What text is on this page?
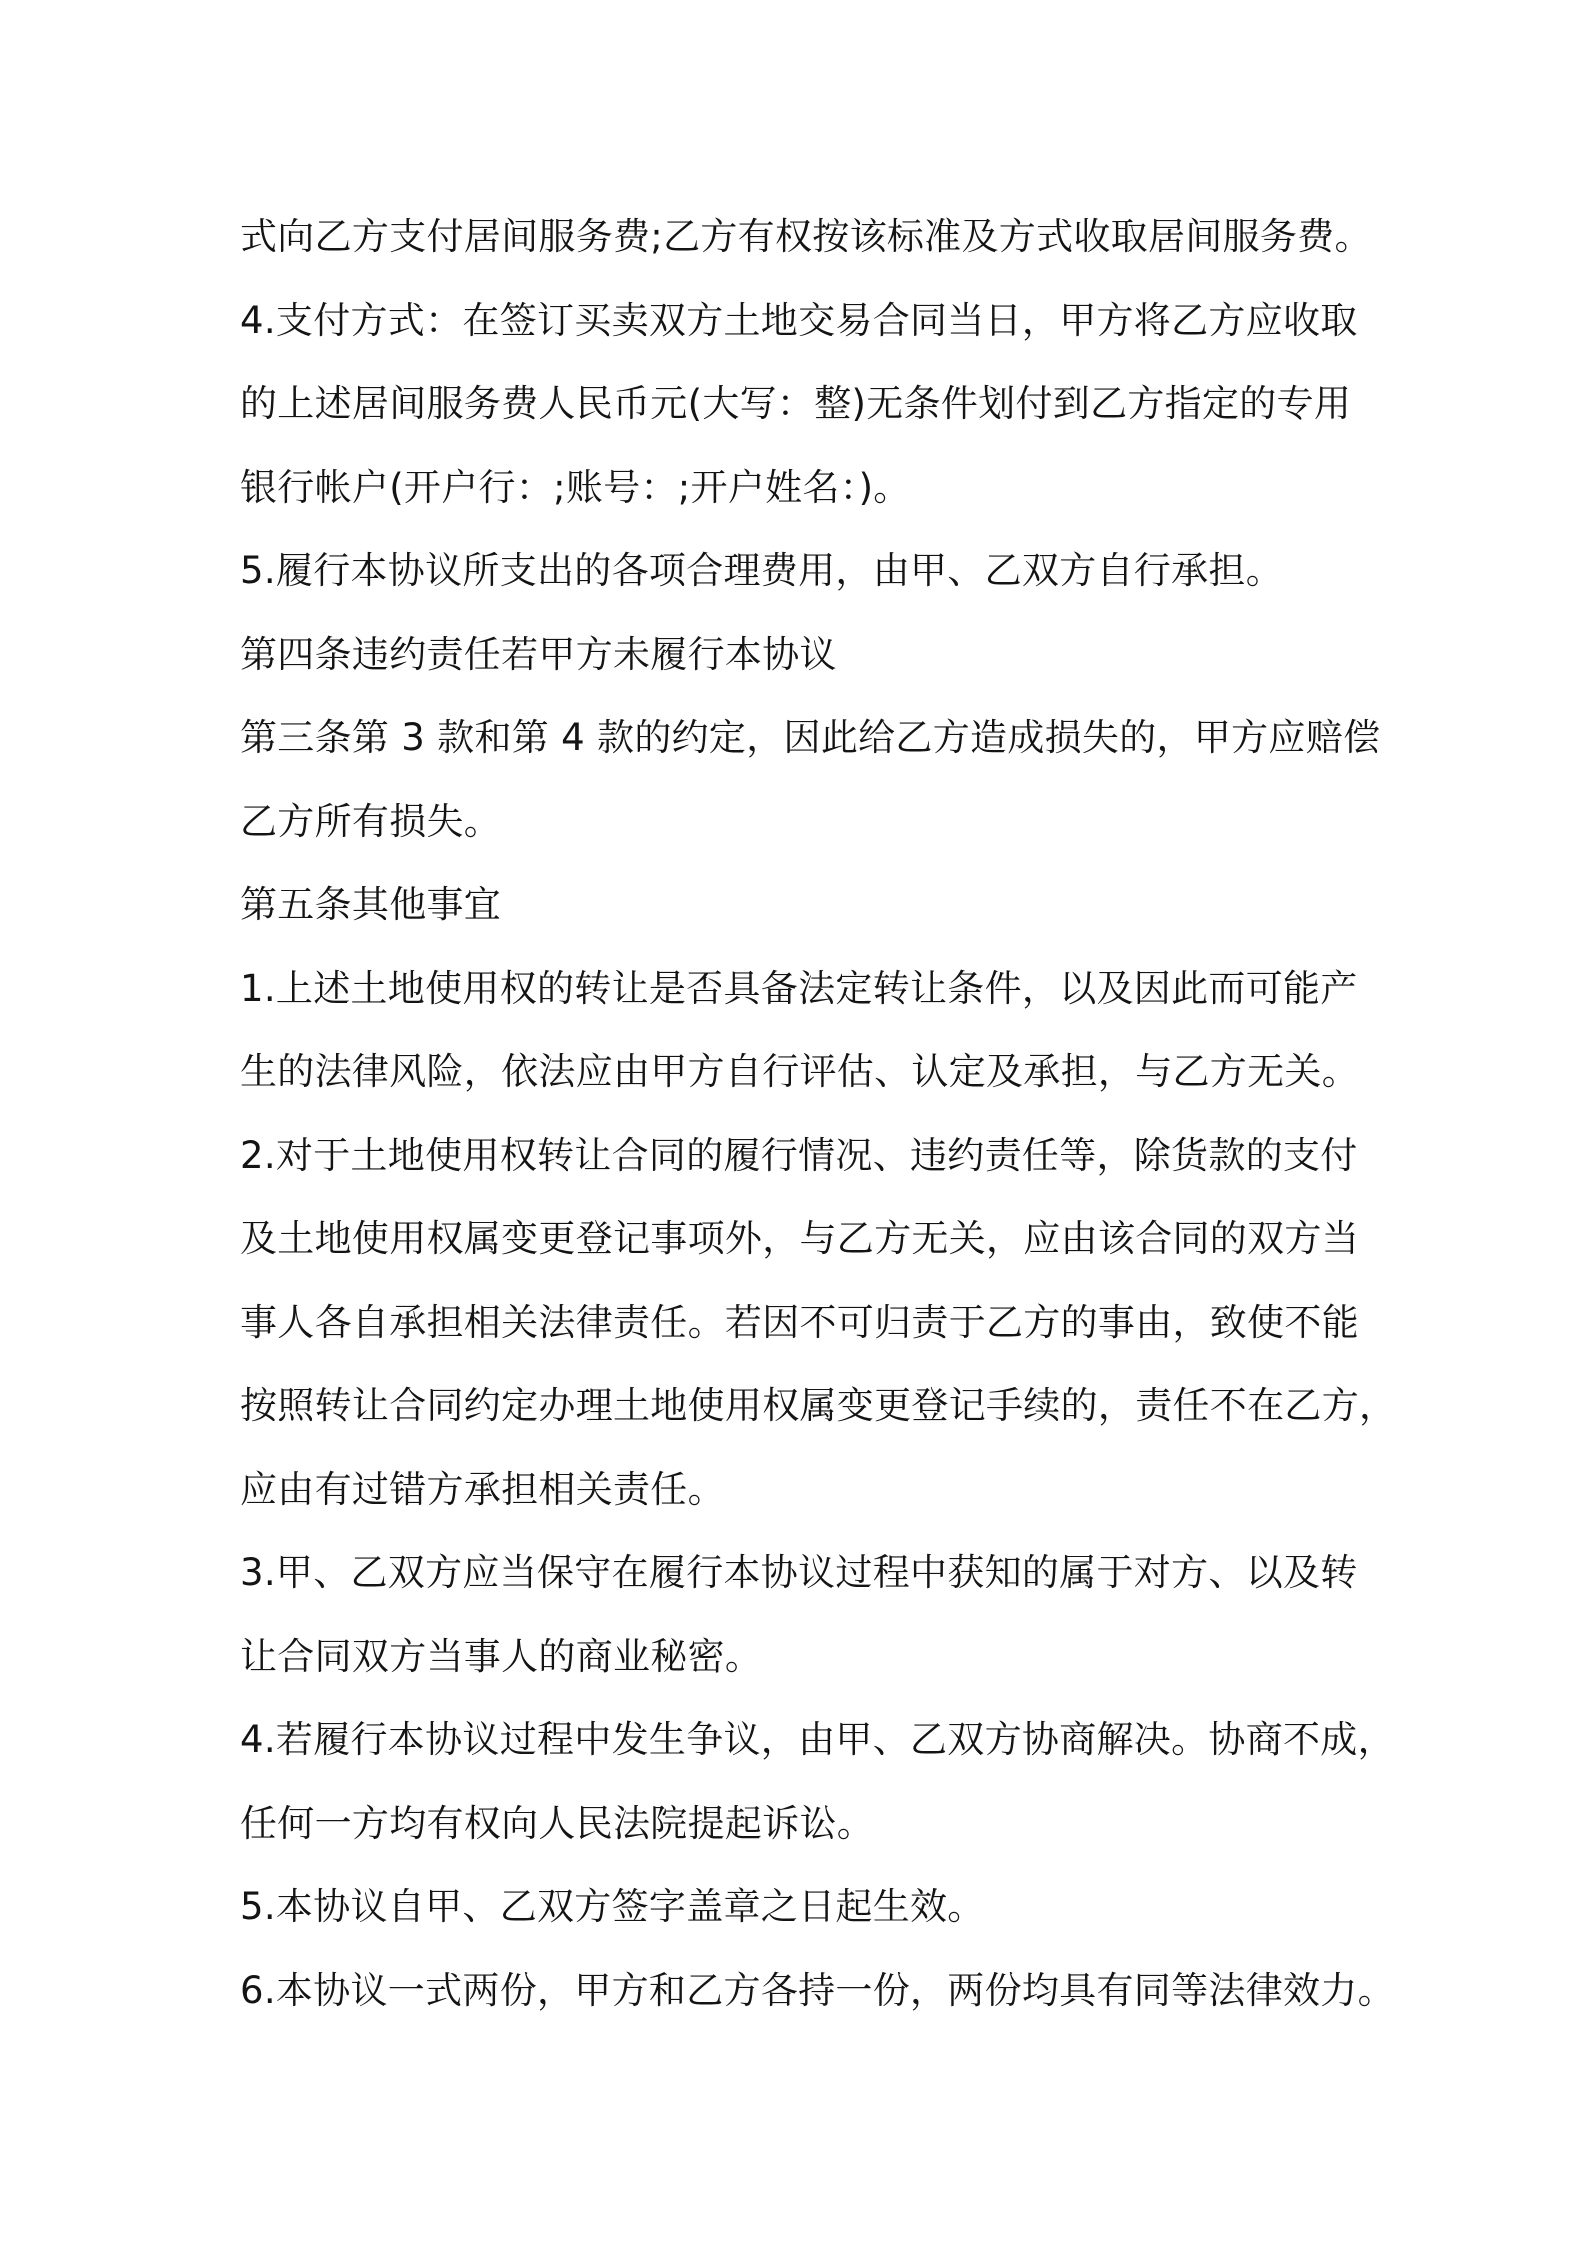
式向乙方支付居间服务费;乙方有权按该标准及方式收取居间服务费。
4.支付方式：在签订买卖双方土地交易合同当日，甲方将乙方应收取
的上述居间服务费人民币元(大写：整)无条件划付到乙方指定的专用
银行帐户(开户行：;账号：;开户姓名：)。
5.履行本协议所支出的各项合理费用，由甲、乙双方自行承担。
第四条违约责任若甲方未履行本协议
第三条第 3 款和第 4 款的约定，因此给乙方造成损失的，甲方应赔偿
乙方所有损失。
第五条其他事宜
1.上述土地使用权的转让是否具备法定转让条件，以及因此而可能产
生的法律风险，依法应由甲方自行评估、认定及承担，与乙方无关。
2.对于土地使用权转让合同的履行情况、违约责任等，除货款的支付
及土地使用权属变更登记事项外，与乙方无关，应由该合同的双方当
事人各自承担相关法律责任。若因不可归责于乙方的事由，致使不能
按照转让合同约定办理土地使用权属变更登记手续的，责任不在乙方，
应由有过错方承担相关责任。
3.甲、乙双方应当保守在履行本协议过程中获知的属于对方、以及转
让合同双方当事人的商业秘密。
4.若履行本协议过程中发生争议，由甲、乙双方协商解决。协商不成，
任何一方均有权向人民法院提起诉讼。
5.本协议自甲、乙双方签字盖章之日起生效。
6.本协议一式两份，甲方和乙方各持一份，两份均具有同等法律效力。
